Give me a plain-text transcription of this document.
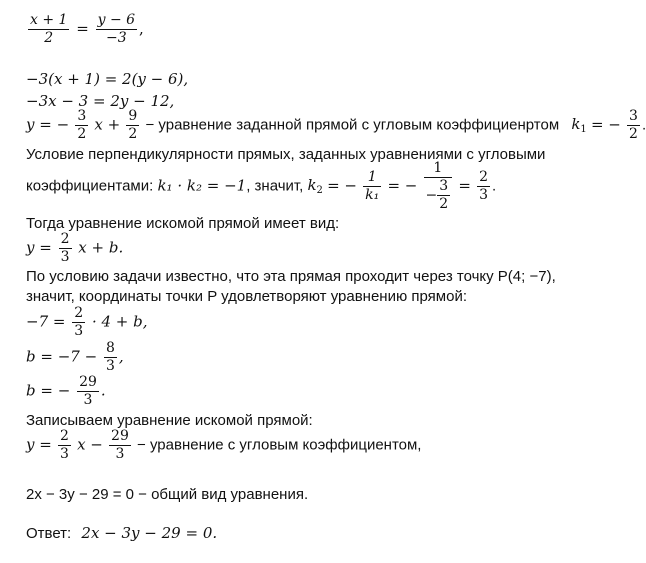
$\frac{x + 1}{2} = \frac{y - 6}{-3}$ ,
−3(x + 1) = 2(y − 6),
−3x − 3 = 2y − 12,
y = − $\frac{3}{2}$ $x + \frac{9}{2}$ − уравнение заданной прямой с угловым коэффициенртом $k_1$ = − $\frac{3}{2}$ .
Условие перпендикулярности прямых, заданных уравнениями с угловыми
коэффициентами: k₁ · k₂ = −1, значит, $k_2$ = − $\frac{1}{\text{k₁}}$ = − $\frac{1}{- \frac{3}{2}} = \frac{2}{3}$ .
Тогда уравнение искомой прямой имеет вид:
$y = \frac{2}{3}$ x + b.
По условию задачи известно, что эта прямая проходит через точку P(4; −7),
значит, координаты точки P удовлетворяют уравнению прямой:
$-7 = \frac{2}{3} \cdot 4 + b$,
$b = -7 - \frac{8}{3}$ ,
b = − $\frac{29}{3}$ .
Записываем уравнение искомой прямой:
$y = \frac{2}{3}$ $x - \frac{29}{3}$ − уравнение с угловым коэффициентом,
2x − 3y − 29 = 0 − общий вид уравнения.
Ответ: 2x − 3y − 29 = 0.
